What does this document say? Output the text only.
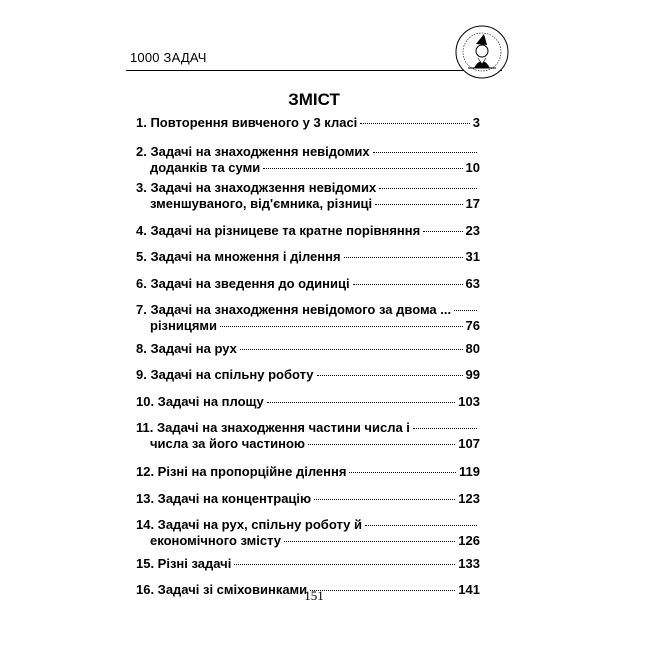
1000 ЗАДАЧ
ЗМІСТ
1. Повторення вивченого у 3 класі	3
2. Задачі на знаходження невідомих
доданків та суми	10
3. Задачі на знаходжзення невідомих
зменшуваного, від'ємника, різниці	17
4. Задачі на різницеве та кратне порівняння	23
5. Задачі на множення і ділення	31
6. Задачі на зведення до одиниці	63
7. Задачі на знаходження невідомого за двома ...
різницями	76
8. Задачі на рух	80
9. Задачі на спільну роботу	99
10. Задачі на площу	103
11. Задачі на знаходження частини числа і
числа за його частиною	107
12. Різні на пропорційне ділення	119
13. Задачі на концентрацію	123
14. Задачі на рух, спільну роботу й
економічного змісту	126
15. Різні задачі	133
16. Задачі зі сміховинками	141
151
